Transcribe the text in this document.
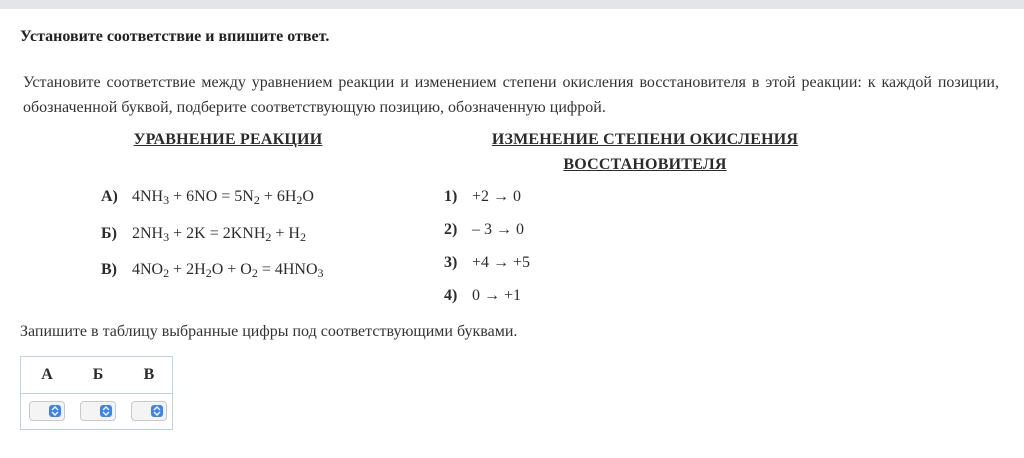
Установите соответствие и впишите ответ.
Установите соответствие между уравнением реакции и изменением степени окисления восстановителя в этой реакции: к каждой позиции, обозначенной буквой, подберите соответствующую позицию, обозначенную цифрой.
УРАВНЕНИЕ РЕАКЦИИ	ИЗМЕНЕНИЕ СТЕПЕНИ ОКИСЛЕНИЯ
ВОССТАНОВИТЕЛЯ
А) $4NH_3 + 6NO = 5N_2 + 6H_2O$
Б) $2NH_3 + 2K = 2KNH_2 + H_2$
В) $4NO_2 + 2H_2O + O_2 = 4HNO_3$
1) +2 → 0
2) – 3 → 0
3) +4 → +5
4) 0 → +1
Запишите в таблицу выбранные цифры под соответствующими буквами.
А	Б	В
